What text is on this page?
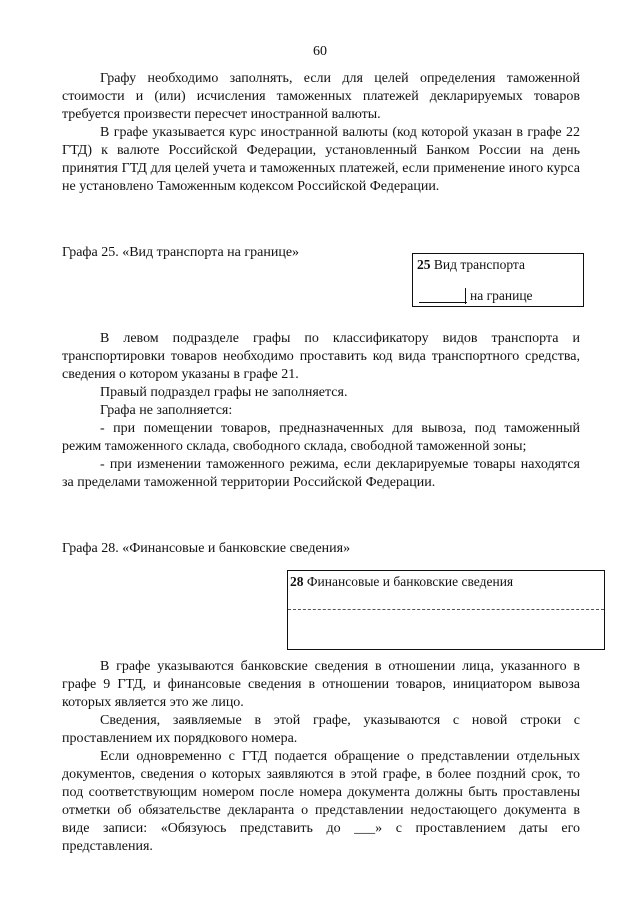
60

Графу необходимо заполнять, если для целей определения таможенной стоимости и (или) исчисления таможенных платежей декларируемых товаров требуется произвести пересчет иностранной валюты.

В графе указывается курс иностранной валюты (код которой указан в графе 22 ГТД) к валюте Российской Федерации, установленный Банком России на день принятия ГТД для целей учета и таможенных платежей, если применение иного курса не установлено Таможенным кодексом Российской Федерации.

Графа 25. «Вид транспорта на границе»
25 Вид транспорта
на границе

В левом подразделе графы по классификатору видов транспорта и транспортировки товаров необходимо проставить код вида транспортного средства, сведения о котором указаны в графе 21.

Правый подраздел графы не заполняется.

Графа не заполняется:

- при помещении товаров, предназначенных для вывоза, под таможенный режим таможенного склада, свободного склада, свободной таможенной зоны;

- при изменении таможенного режима, если декларируемые товары находятся за пределами таможенной территории Российской Федерации.

Графа 28. «Финансовые и банковские сведения»
28 Финансовые и банковские сведения

В графе указываются банковские сведения в отношении лица, указанного в графе 9 ГТД, и финансовые сведения в отношении товаров, инициатором вывоза которых является это же лицо.

Сведения, заявляемые в этой графе, указываются с новой строки с проставлением их порядкового номера.

Если одновременно с ГТД подается обращение о представлении отдельных документов, сведения о которых заявляются в этой графе, в более поздний срок, то под соответствующим номером после номера документа должны быть проставлены отметки об обязательстве декларанта о представлении недостающего документа в виде записи: «Обязуюсь представить до ___» с проставлением даты его представления.
